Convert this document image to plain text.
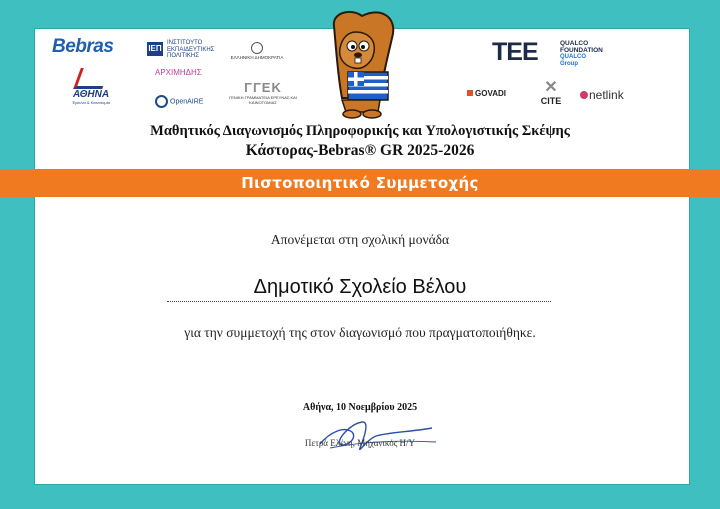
Bebras	ΙΕΠ
ΙΝΣΤΙΤΟΥΤΟ ΕΚΠΑΙΔΕΥΤΙΚΗΣ ΠΟΛΙΤΙΚΗΣ	ΕΛΛΗΝΙΚΗ ΔΗΜΟΚΡΑΤΙΑ
ΑΘΗΝΑ
Έρευνα & Καινοτομία
ΑΡΧΙΜΗΔΗΣ
OpenAIRE
ΓΓΕΚ
ΓΕΝΙΚΗ ΓΡΑΜΜΑΤΕΙΑ ΕΡΕΥΝΑΣ ΚΑΙ ΚΑΙΝΟΤΟΜΙΑΣ
TEE	QUALCO
FOUNDATION
QUALCO
Group
GOVADI	✕
CITE	netlink
Μαθητικός Διαγωνισμός Πληροφορικής και Υπολογιστικής Σκέψης
Κάστορας-Bebras® GR 2025-2026
Πιστοποιητικό Συμμετοχής
Απονέμεται στη σχολική μονάδα
Δημοτικό Σχολείο Βέλου
για την συμμετοχή της στον διαγωνισμό που πραγματοποιήθηκε.
Αθήνα, 10 Νοεμβρίου 2025
Πετρά Ελένη, Μηχανικός Η/Υ
